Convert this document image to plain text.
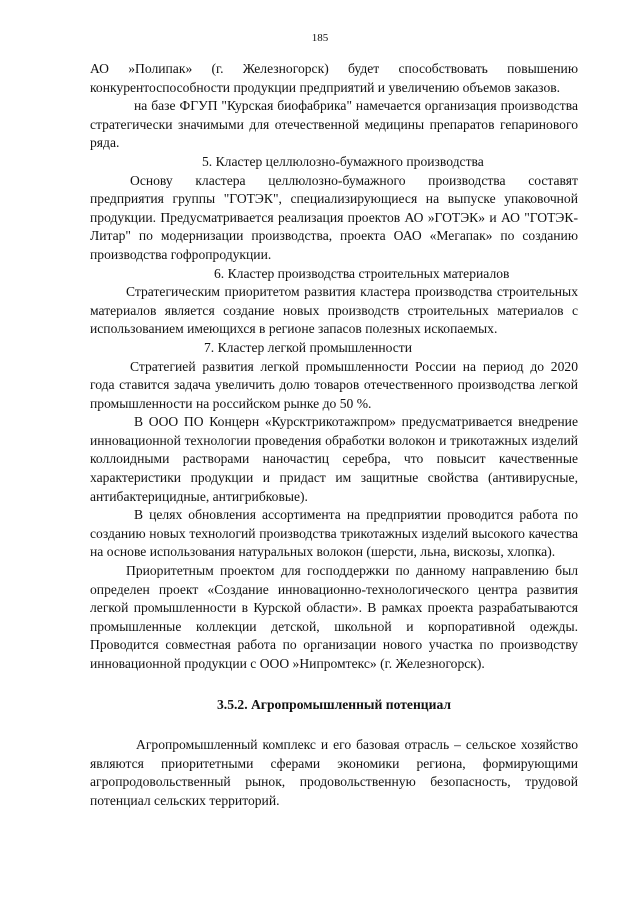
185

АО »Полипак» (г. Железногорск) будет способствовать повышению конкурентоспособности продукции предприятий и увеличению объемов заказов.

на базе ФГУП "Курская биофабрика" намечается организация производства стратегически значимыми для отечественной медицины препаратов гепаринового ряда.

5. Кластер целлюлозно-бумажного производства

Основу кластера целлюлозно-бумажного производства составят предприятия группы "ГОТЭК", специализирующиеся на выпуске упаковочной продукции. Предусматривается реализация проектов АО »ГОТЭК» и АО "ГОТЭК-Литар" по модернизации производства, проекта ОАО «Мегапак» по созданию производства гофропродукции.

6. Кластер производства строительных материалов

Стратегическим приоритетом развития кластера производства строительных материалов является создание новых производств строительных материалов с использованием имеющихся в регионе запасов полезных ископаемых.

7. Кластер легкой промышленности

Стратегией развития легкой промышленности России на период до 2020 года ставится задача увеличить долю товаров отечественного производства легкой промышленности на российском рынке до 50 %.

В ООО ПО Концерн «Курсктрикотажпром» предусматривается внедрение инновационной технологии проведения обработки волокон и трикотажных изделий коллоидными растворами наночастиц серебра, что повысит качественные характеристики продукции и придаст им защитные свойства (антивирусные, антибактерицидные, антигрибковые).

В целях обновления ассортимента на предприятии проводится работа по созданию новых технологий производства трикотажных изделий высокого качества на основе использования натуральных волокон (шерсти, льна, вискозы, хлопка).

Приоритетным проектом для господдержки по данному направлению был определен проект «Создание инновационно-технологического центра развития легкой промышленности в Курской области». В рамках проекта разрабатываются промышленные коллекции детской, школьной и корпоративной одежды. Проводится совместная работа по организации нового участка по производству инновационной продукции с ООО »Нипромтекс» (г. Железногорск).

3.5.2. Агропромышленный потенциал

Агропромышленный комплекс и его базовая отрасль – сельское хозяйство являются приоритетными сферами экономики региона, формирующими агропродовольственный рынок, продовольственную безопасность, трудовой потенциал сельских территорий.
